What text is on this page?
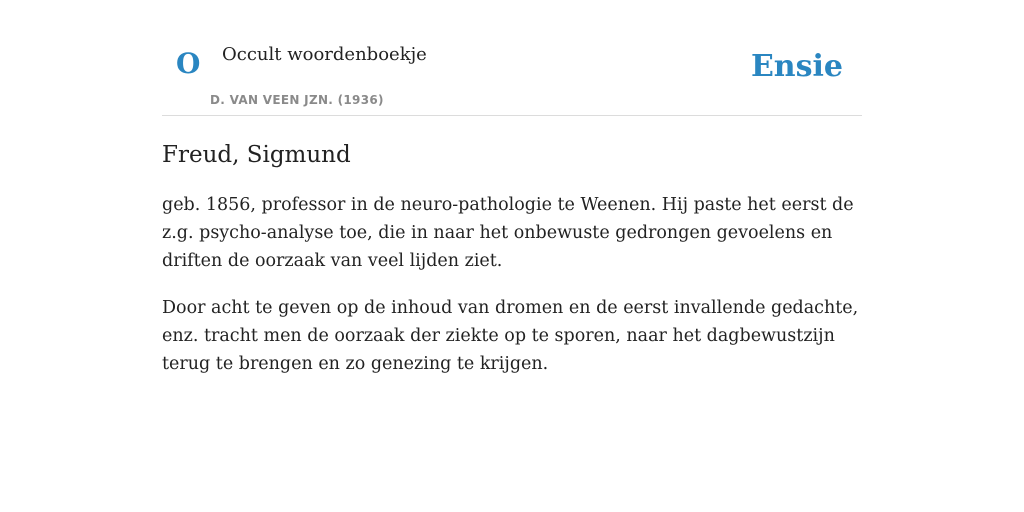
O Occult woordenboekje
D. VAN VEEN JZN. (1936)
Ensie
Freud, Sigmund

geb. 1856, professor in de neuro-pathologie te Weenen. Hij paste het eerst de z.g. psycho-analyse toe, die in naar het onbewuste gedrongen gevoelens en driften de oorzaak van veel lijden ziet.

Door acht te geven op de inhoud van dromen en de eerst invallende gedachte, enz. tracht men de oorzaak der ziekte op te sporen, naar het dagbewustzijn terug te brengen en zo genezing te krijgen.
